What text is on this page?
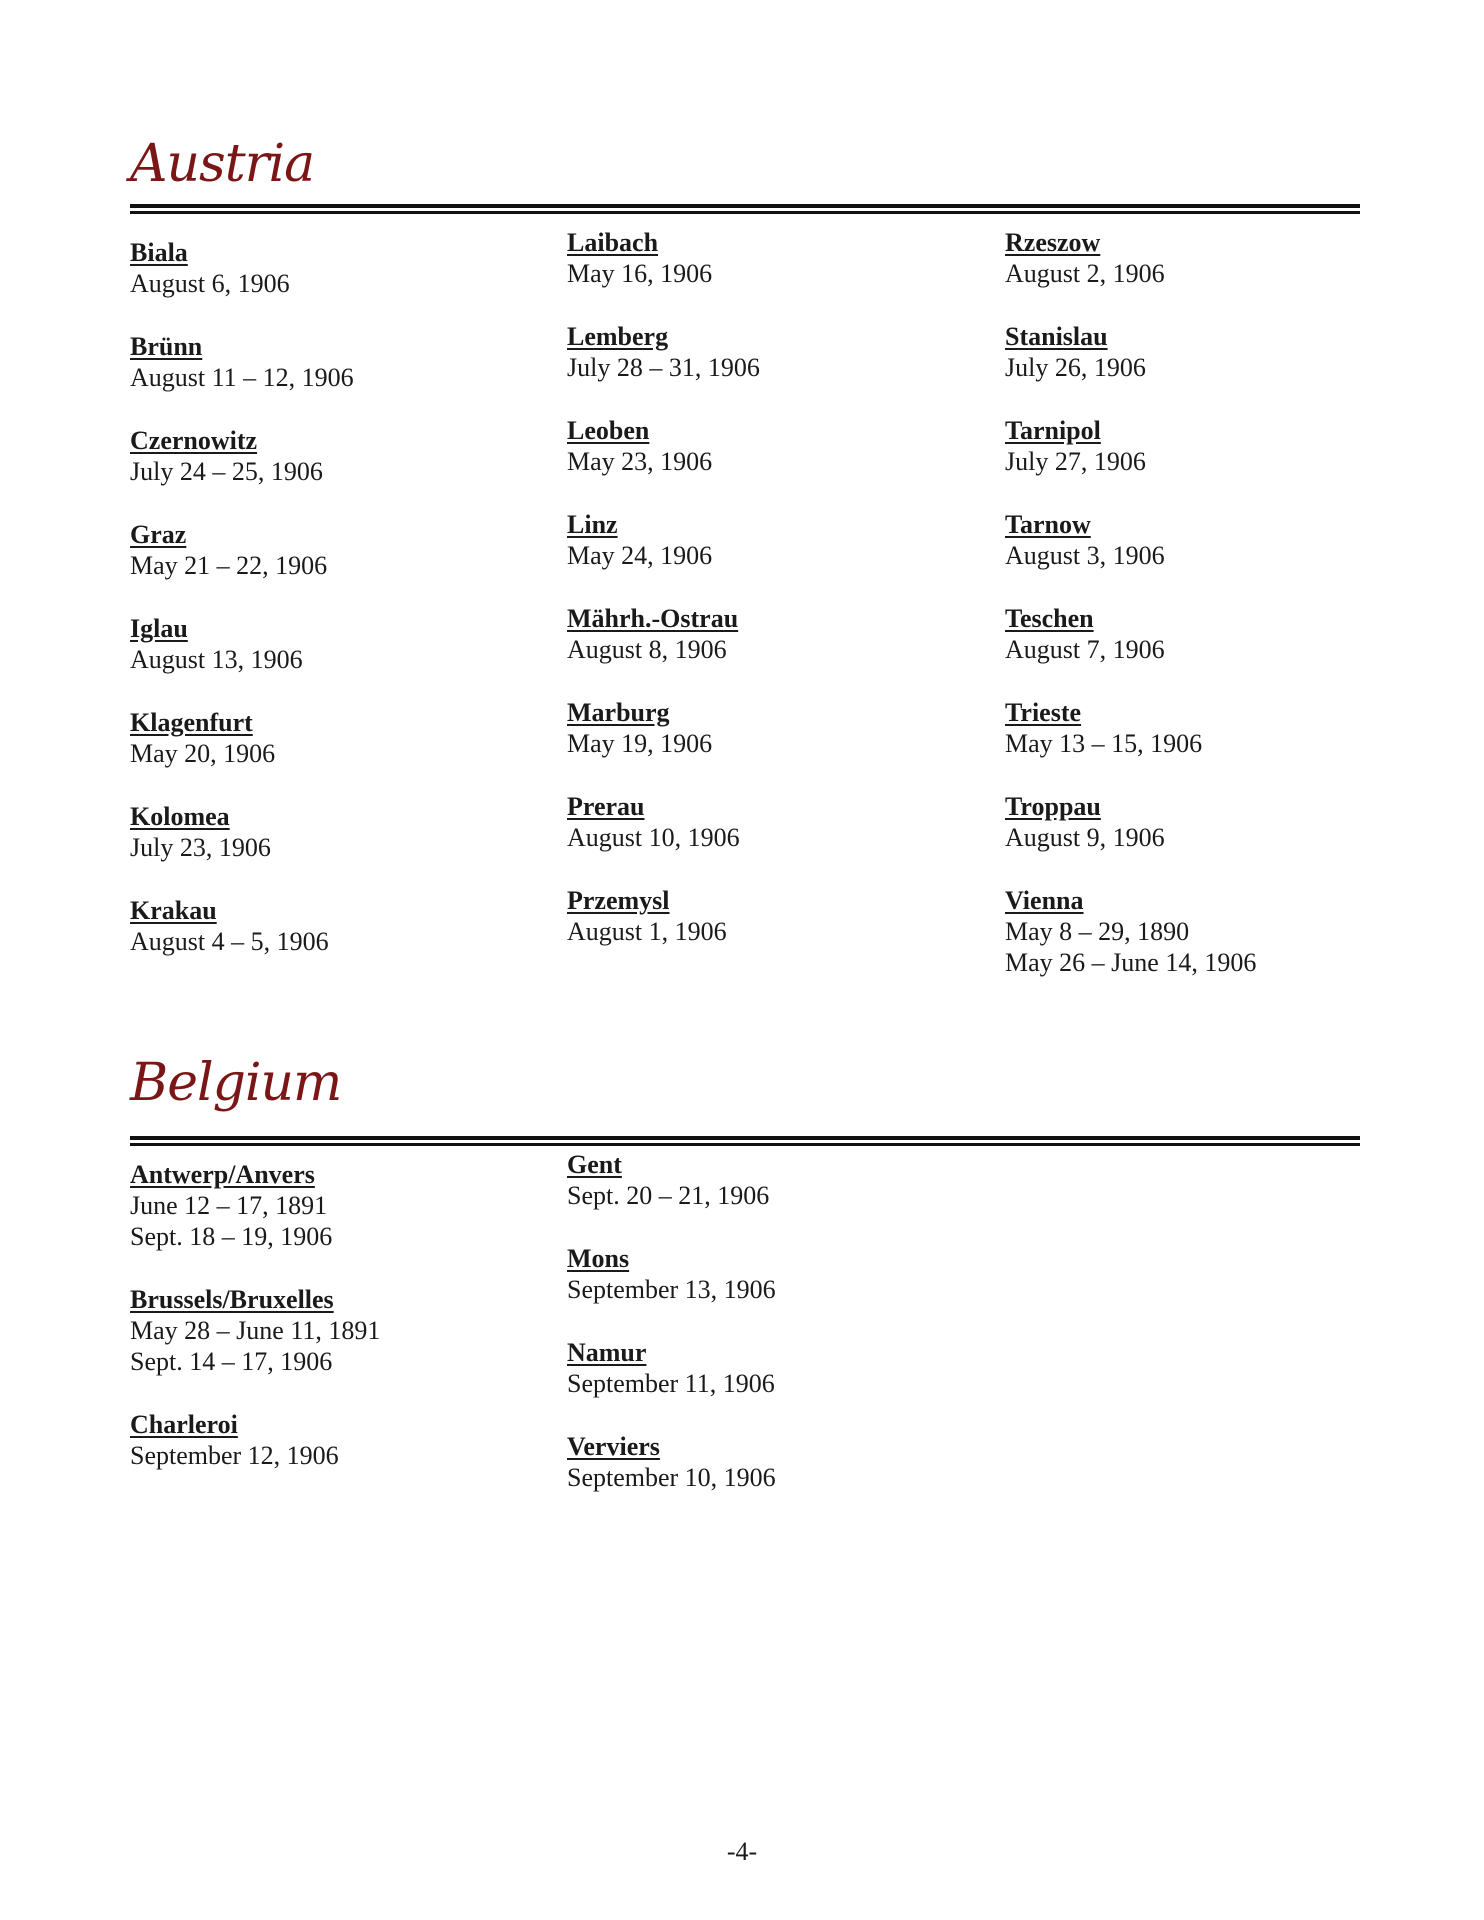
Austria
Biala
August 6, 1906
Brünn
August 11 – 12, 1906
Czernowitz
July 24 – 25, 1906
Graz
May 21 – 22, 1906
Iglau
August 13, 1906
Klagenfurt
May 20, 1906
Kolomea
July 23, 1906
Krakau
August 4 – 5, 1906
Laibach
May 16, 1906
Lemberg
July 28 – 31, 1906
Leoben
May 23, 1906
Linz
May 24, 1906
Mährh.-Ostrau
August 8, 1906
Marburg
May 19, 1906
Prerau
August 10, 1906
Przemysl
August 1, 1906
Rzeszow
August 2, 1906
Stanislau
July 26, 1906
Tarnipol
July 27, 1906
Tarnow
August 3, 1906
Teschen
August 7, 1906
Trieste
May 13 – 15, 1906
Troppau
August 9, 1906
Vienna
May 8 – 29, 1890
May 26 – June 14, 1906
Belgium
Antwerp/Anvers
June 12 – 17, 1891
Sept. 18 – 19, 1906
Brussels/Bruxelles
May 28 – June 11, 1891
Sept. 14 – 17, 1906
Charleroi
September 12, 1906
Gent
Sept. 20 – 21, 1906
Mons
September 13, 1906
Namur
September 11, 1906
Verviers
September 10, 1906
-4-
